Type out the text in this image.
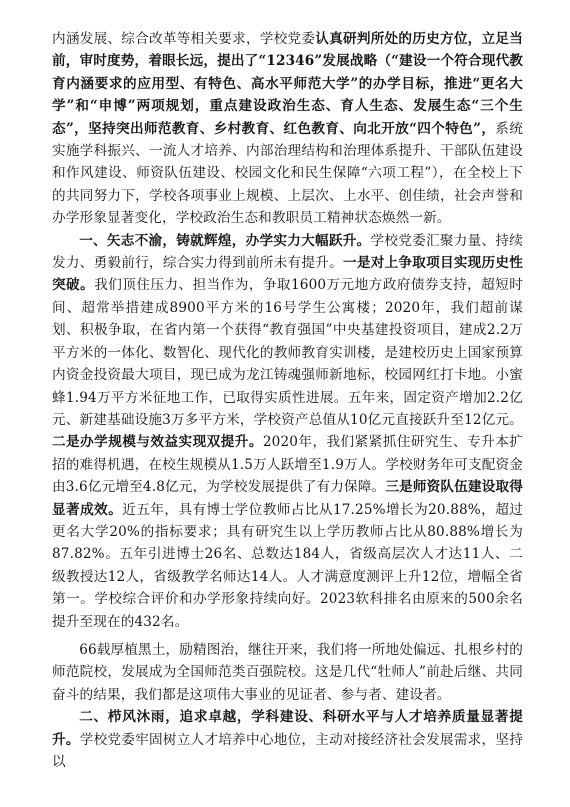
内涵发展、综合改革等相关要求，学校党委认真研判所处的历史方位，立足当前，审时度势，着眼长远，提出了“12346”发展战略（“建设一个符合现代教育内涵要求的应用型、有特色、高水平师范大学”的办学目标，推进“更名大学”和“申博”两项规划，重点建设政治生态、育人生态、发展生态“三个生态”，坚持突出师范教育、乡村教育、红色教育、向北开放“四个特色”，系统实施学科振兴、一流人才培养、内部治理结构和治理体系提升、干部队伍建设和作风建设、师资队伍建设、校园文化和民生保障“六项工程”），在全校上下的共同努力下，学校各项事业上规模、上层次、上水平、创佳绩，社会声誉和办学形象显著变化，学校政治生态和教职员工精神状态焕然一新。

一、矢志不渝，铸就辉煌，办学实力大幅跃升。学校党委汇聚力量、持续发力、勇毅前行，综合实力得到前所未有提升。一是对上争取项目实现历史性突破。我们顶住压力、担当作为，争取1600万元地方政府债券支持，超短时间、超常举措建成8900平方米的16号学生公寓楼；2020年，我们超前谋划、积极争取，在省内第一个获得“教育强国”中央基建投资项目，建成2.2万平方米的一体化、数智化、现代化的教师教育实训楼，是建校历史上国家预算内资金投资最大项目，现已成为龙江铸魂强师新地标，校园网红打卡地。小蜜蜂1.94万平方米征地工作，已取得实质性进展。五年来，固定资产增加2.2亿元、新建基础设施3万多平方米，学校资产总值从10亿元直接跃升至12亿元。二是办学规模与效益实现双提升。2020年，我们紧紧抓住研究生、专升本扩招的难得机遇，在校生规模从1.5万人跃增至1.9万人。学校财务年可支配资金由3.6亿元增至4.8亿元，为学校发展提供了有力保障。三是师资队伍建设取得显著成效。近五年，具有博士学位教师占比从17.25%增长为20.88%，超过更名大学20%的指标要求；具有研究生以上学历教师占比从80.88%增长为87.82%。五年引进博士26名、总数达184人，省级高层次人才达11人、二级教授达12人，省级教学名师达14人。人才满意度测评上升12位，增幅全省第一。学校综合评价和办学形象持续向好。2023软科排名由原来的500余名提升至现在的432名。

66载厚植黑土，励精图治，继往开来，我们将一所地处偏远、扎根乡村的师范院校，发展成为全国师范类百强院校。这是几代“牡师人”前赴后继、共同奋斗的结果，我们都是这项伟大事业的见证者、参与者、建设者。

二、栉风沐雨，追求卓越，学科建设、科研水平与人才培养质量显著提升。学校党委牢固树立人才培养中心地位，主动对接经济社会发展需求，坚持以
